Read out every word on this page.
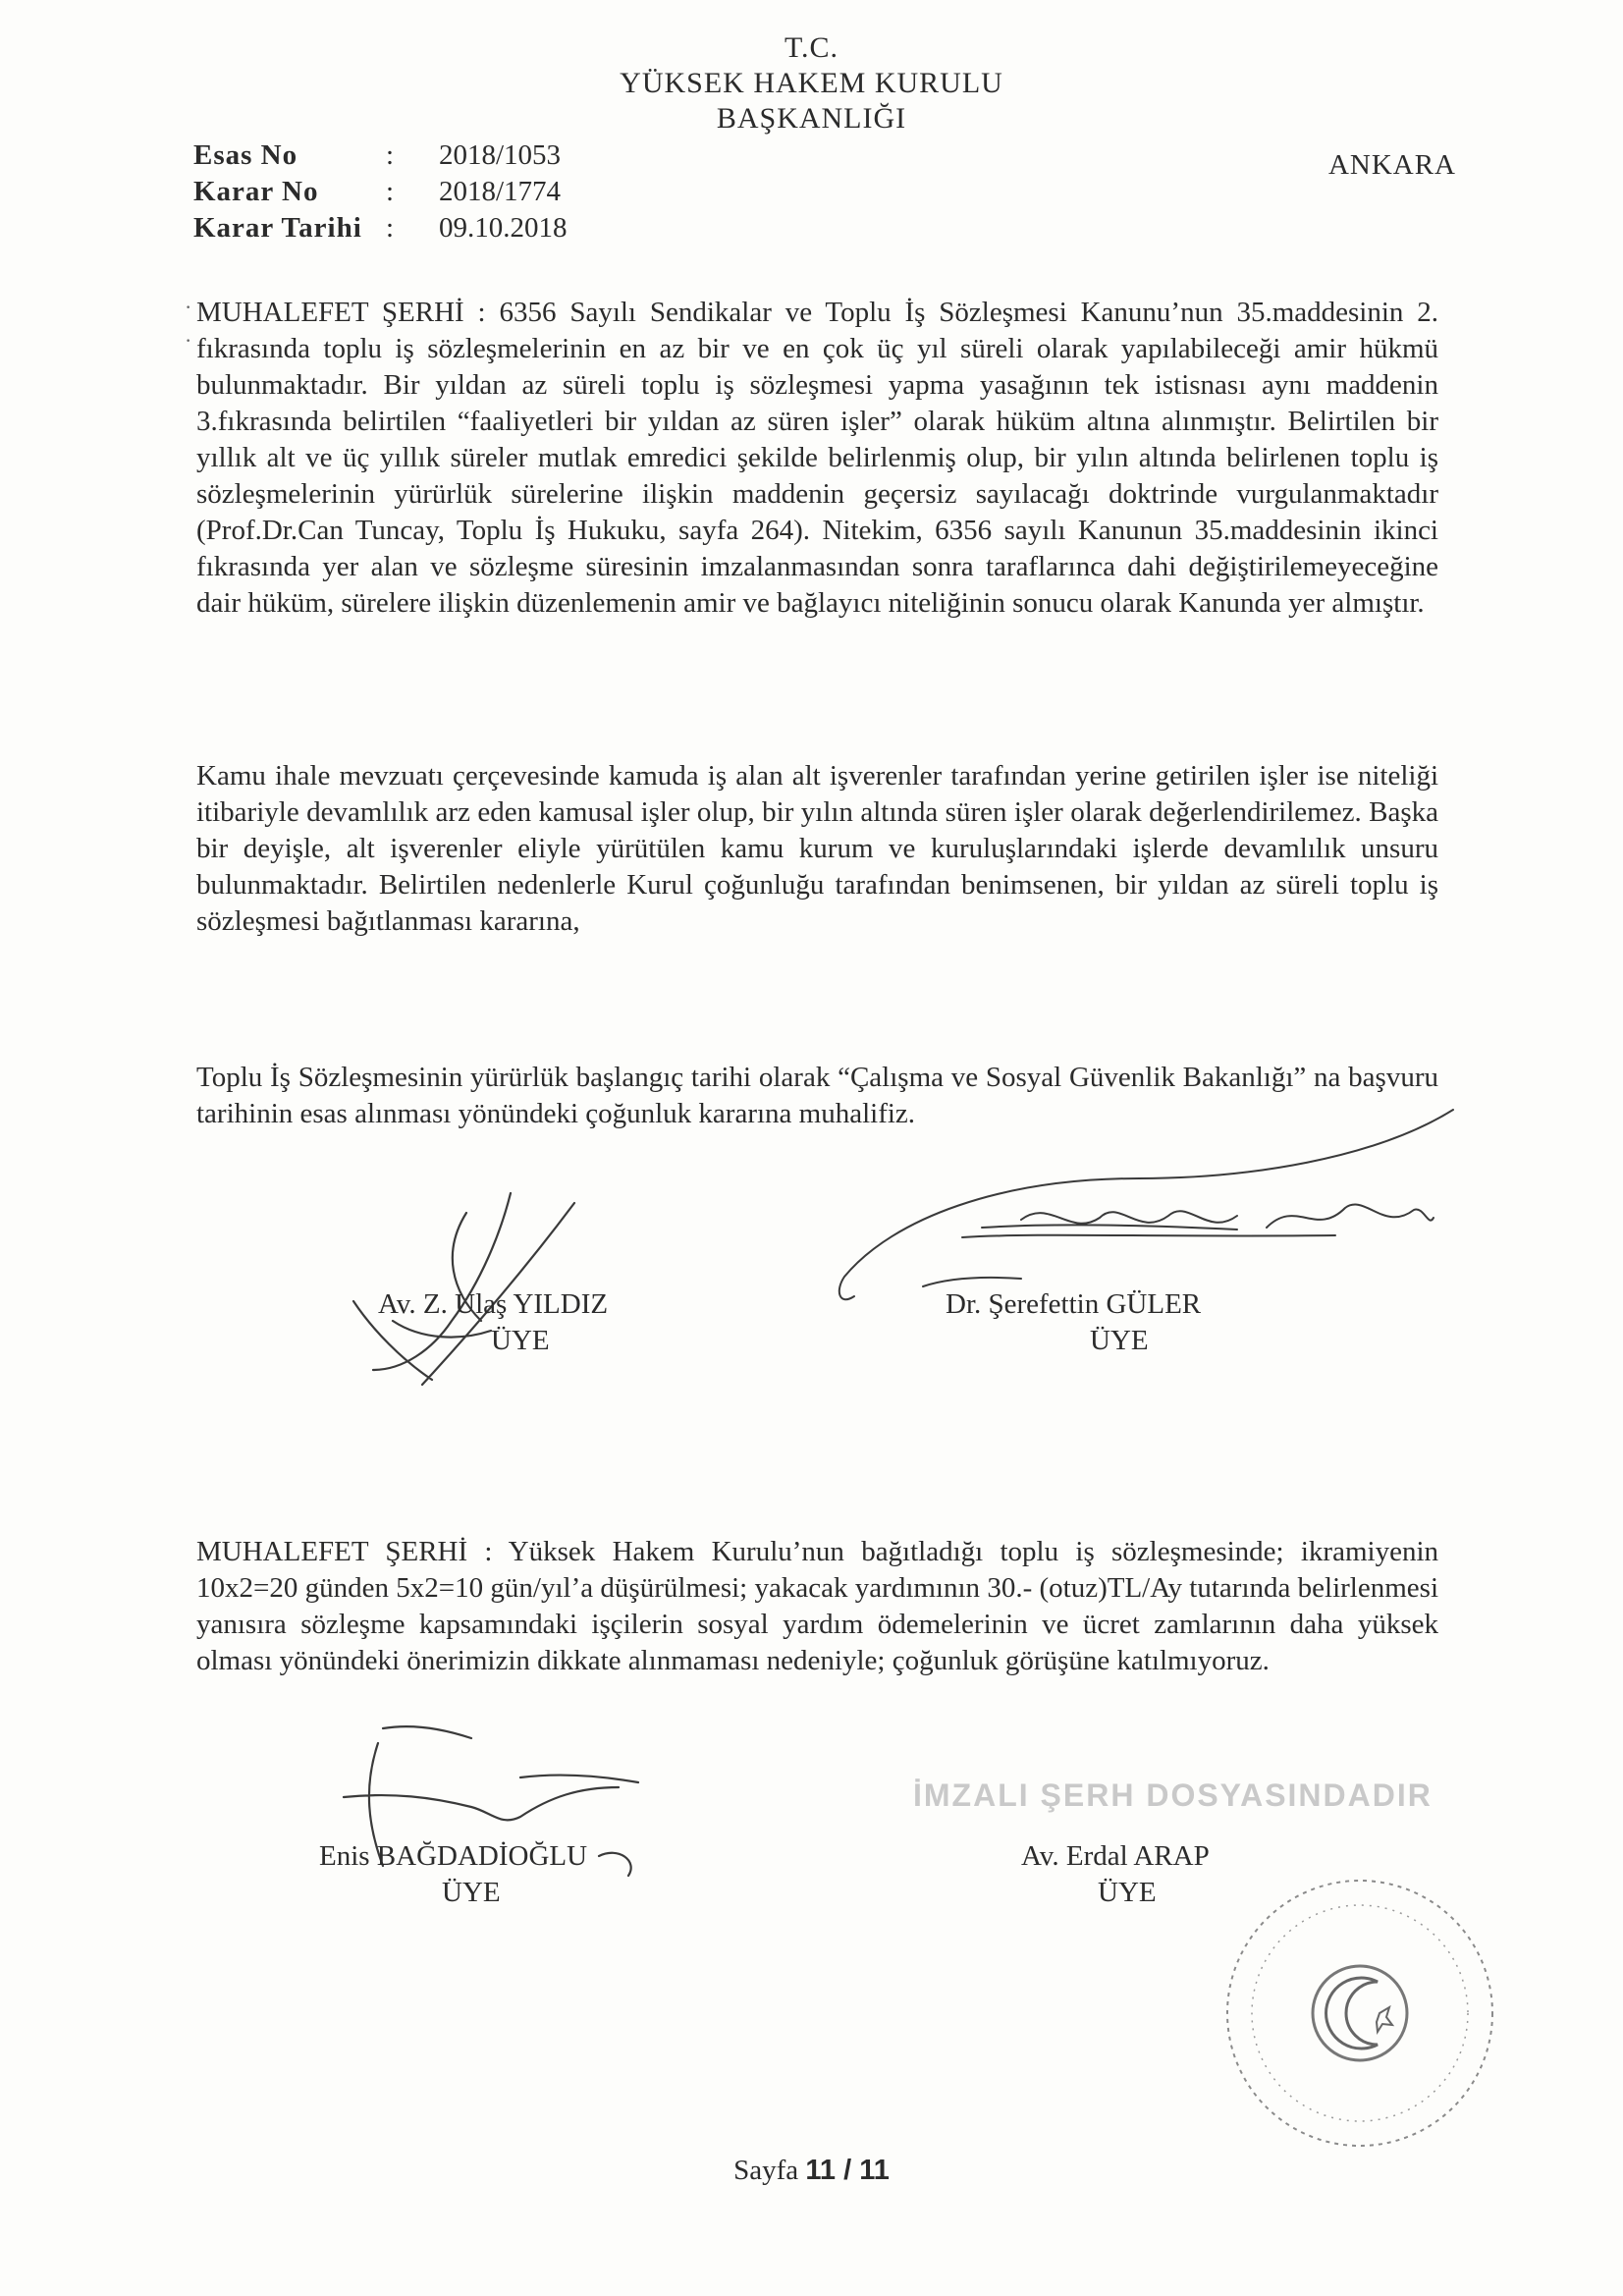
T.C.
YÜKSEK HAKEM KURULU
BAŞKANLIĞI
Esas No	:	2018/1053
Karar No	:	2018/1774
Karar Tarihi :	09.10.2018
ANKARA
·
·
MUHALEFET ŞERHİ : 6356 Sayılı Sendikalar ve Toplu İş Sözleşmesi Kanunu’nun 35.maddesinin 2. fıkrasında toplu iş sözleşmelerinin en az bir ve en çok üç yıl süreli olarak yapılabileceği amir hükmü bulunmaktadır. Bir yıldan az süreli toplu iş sözleşmesi yapma yasağının tek istisnası aynı maddenin 3.fıkrasında belirtilen “faaliyetleri bir yıldan az süren işler” olarak hüküm altına alınmıştır. Belirtilen bir yıllık alt ve üç yıllık süreler mutlak emredici şekilde belirlenmiş olup, bir yılın altında belirlenen toplu iş sözleşmelerinin yürürlük sürelerine ilişkin maddenin geçersiz sayılacağı doktrinde vurgulanmaktadır (Prof.Dr.Can Tuncay, Toplu İş Hukuku, sayfa 264). Nitekim, 6356 sayılı Kanunun 35.maddesinin ikinci fıkrasında yer alan ve sözleşme süresinin imzalanmasından sonra taraflarınca dahi değiştirilemeyeceğine dair hüküm, sürelere ilişkin düzenlemenin amir ve bağlayıcı niteliğinin sonucu olarak Kanunda yer almıştır.
Kamu ihale mevzuatı çerçevesinde kamuda iş alan alt işverenler tarafından yerine getirilen işler ise niteliği itibariyle devamlılık arz eden kamusal işler olup, bir yılın altında süren işler olarak değerlendirilemez. Başka bir deyişle, alt işverenler eliyle yürütülen kamu kurum ve kuruluşlarındaki işlerde devamlılık unsuru bulunmaktadır. Belirtilen nedenlerle Kurul çoğunluğu tarafından benimsenen, bir yıldan az süreli toplu iş sözleşmesi bağıtlanması kararına,
Toplu İş Sözleşmesinin yürürlük başlangıç tarihi olarak “Çalışma ve Sosyal Güvenlik Bakanlığı” na başvuru tarihinin esas alınması yönündeki çoğunluk kararına muhalifiz.
Av. Z. Ulaş YILDIZ
ÜYE
Dr. Şerefettin GÜLER
ÜYE
MUHALEFET ŞERHİ : Yüksek Hakem Kurulu’nun bağıtladığı toplu iş sözleşmesinde; ikramiyenin 10x2=20 günden 5x2=10 gün/yıl’a düşürülmesi; yakacak yardımının 30.- (otuz)TL/Ay tutarında belirlenmesi yanısıra sözleşme kapsamındaki işçilerin sosyal yardım ödemelerinin ve ücret zamlarının daha yüksek olması yönündeki önerimizin dikkate alınmaması nedeniyle; çoğunluk görüşüne katılmıyoruz.
Enis BAĞDADİOĞLU
ÜYE
İMZALI ŞERH DOSYASINDADIR
Av. Erdal ARAP
ÜYE
Sayfa 11 / 11
